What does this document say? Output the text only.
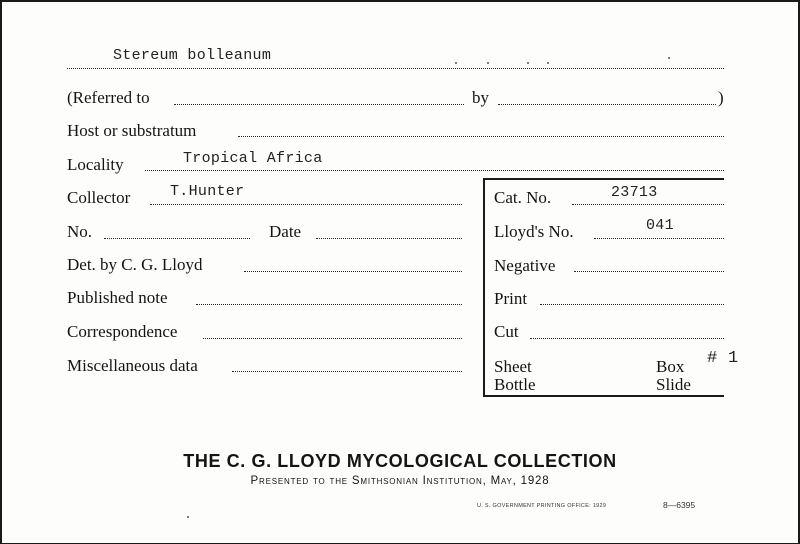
Stereum bolleanum
(Referred to	by	)
Host or substratum
Locality	Tropical Africa
Collector	T.Hunter
No.	Date
Det. by C. G. Lloyd
Published note
Correspondence
Miscellaneous data
Cat. No.	23713
Lloyd's No.	041
Negative
Print
Cut
Sheet
Bottle
Box
Slide
# 1
THE C. G. LLOYD MYCOLOGICAL COLLECTION
Presented to the Smithsonian Institution, May, 1928
U. S. GOVERNMENT PRINTING OFFICE: 1929	8—6395
